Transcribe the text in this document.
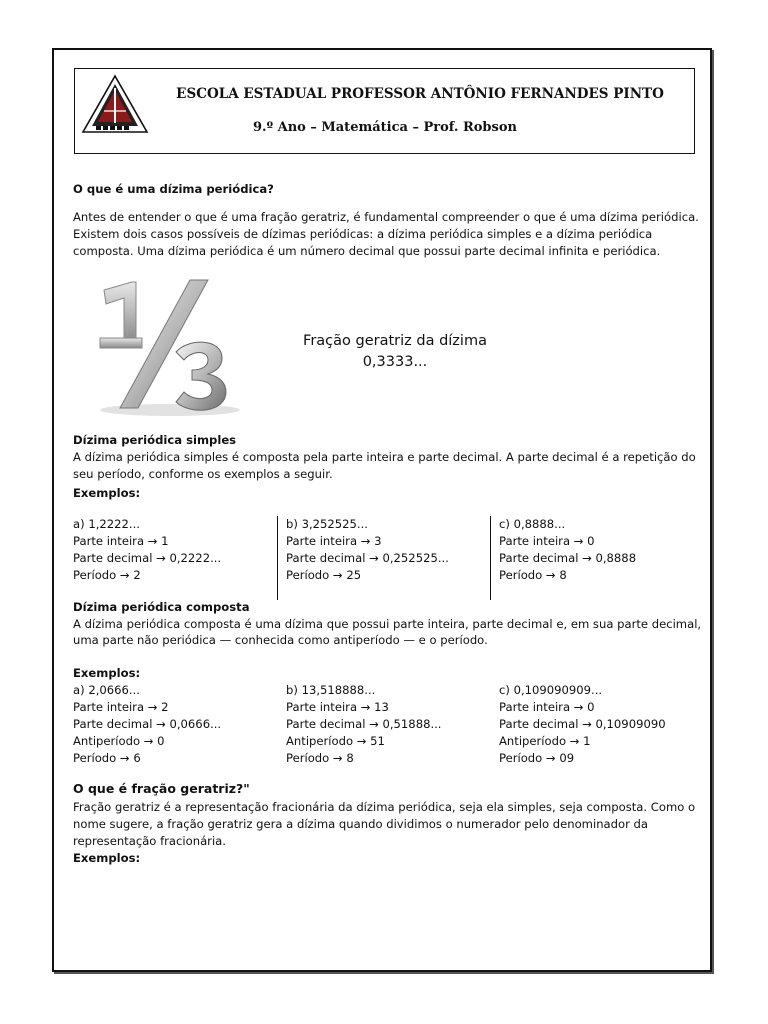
ESCOLA ESTADUAL PROFESSOR ANTÔNIO FERNANDES PINTO
9.º Ano – Matemática – Prof. Robson
O que é uma dízima periódica?
Antes de entender o que é uma fração geratriz, é fundamental compreender o que é uma dízima periódica.
Existem dois casos possíveis de dízimas periódicas: a dízima periódica simples e a dízima periódica
composta. Uma dízima periódica é um número decimal que possui parte decimal infinita e periódica.
Fração geratriz da dízima
0,3333...
Dízima periódica simples
A dízima periódica simples é composta pela parte inteira e parte decimal. A parte decimal é a repetição do
seu período, conforme os exemplos a seguir.
Exemplos:
a) 1,2222...
Parte inteira → 1
Parte decimal → 0,2222...
Período → 2
b) 3,252525...
Parte inteira → 3
Parte decimal → 0,252525...
Período → 25
c) 0,8888...
Parte inteira → 0
Parte decimal → 0,8888
Período → 8
Dízima periódica composta
A dízima periódica composta é uma dízima que possui parte inteira, parte decimal e, em sua parte decimal,
uma parte não periódica — conhecida como antiperíodo — e o período.
Exemplos:
a) 2,0666...
Parte inteira → 2
Parte decimal → 0,0666...
Antiperíodo → 0
Período → 6
b) 13,518888...
Parte inteira → 13
Parte decimal → 0,51888...
Antiperíodo → 51
Período → 8
c) 0,109090909...
Parte inteira → 0
Parte decimal → 0,10909090
Antiperíodo → 1
Período → 09
O que é fração geratriz?"
Fração geratriz é a representação fracionária da dízima periódica, seja ela simples, seja composta. Como o
nome sugere, a fração geratriz gera a dízima quando dividimos o numerador pelo denominador da
representação fracionária.
Exemplos:
